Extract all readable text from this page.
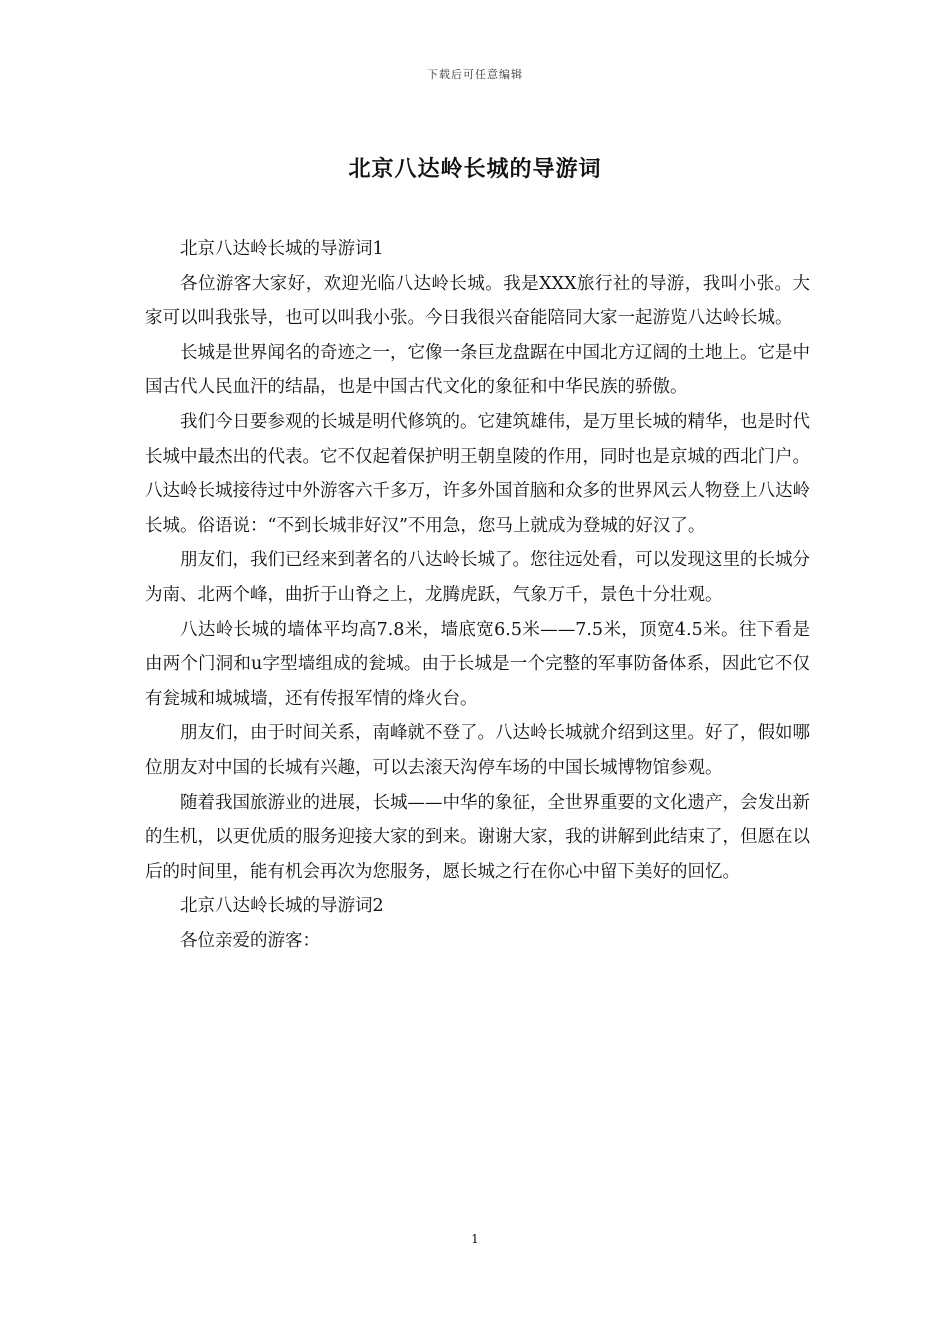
下载后可任意编辑
北京八达岭长城的导游词

北京八达岭长城的导游词1

各位游客大家好，欢迎光临八达岭长城。我是XXX旅行社的导游，我叫小张。大家可以叫我张导，也可以叫我小张。今日我很兴奋能陪同大家一起游览八达岭长城。

长城是世界闻名的奇迹之一，它像一条巨龙盘踞在中国北方辽阔的土地上。它是中国古代人民血汗的结晶，也是中国古代文化的象征和中华民族的骄傲。

我们今日要参观的长城是明代修筑的。它建筑雄伟，是万里长城的精华，也是时代长城中最杰出的代表。它不仅起着保护明王朝皇陵的作用，同时也是京城的西北门户。八达岭长城接待过中外游客六千多万，许多外国首脑和众多的世界风云人物登上八达岭长城。俗语说：“不到长城非好汉”不用急，您马上就成为登城的好汉了。

朋友们，我们已经来到著名的八达岭长城了。您往远处看，可以发现这里的长城分为南、北两个峰，曲折于山脊之上，龙腾虎跃，气象万千，景色十分壮观。

八达岭长城的墙体平均高7.8米，墙底宽6.5米——7.5米，顶宽4.5米。往下看是由两个门洞和u字型墙组成的瓮城。由于长城是一个完整的军事防备体系，因此它不仅有瓮城和城城墙，还有传报军情的烽火台。

朋友们，由于时间关系，南峰就不登了。八达岭长城就介绍到这里。好了，假如哪位朋友对中国的长城有兴趣，可以去滚天沟停车场的中国长城博物馆参观。

随着我国旅游业的进展，长城——中华的象征，全世界重要的文化遗产，会发出新的生机，以更优质的服务迎接大家的到来。谢谢大家，我的讲解到此结束了，但愿在以后的时间里，能有机会再次为您服务，愿长城之行在你心中留下美好的回忆。

北京八达岭长城的导游词2

各位亲爱的游客：

1
